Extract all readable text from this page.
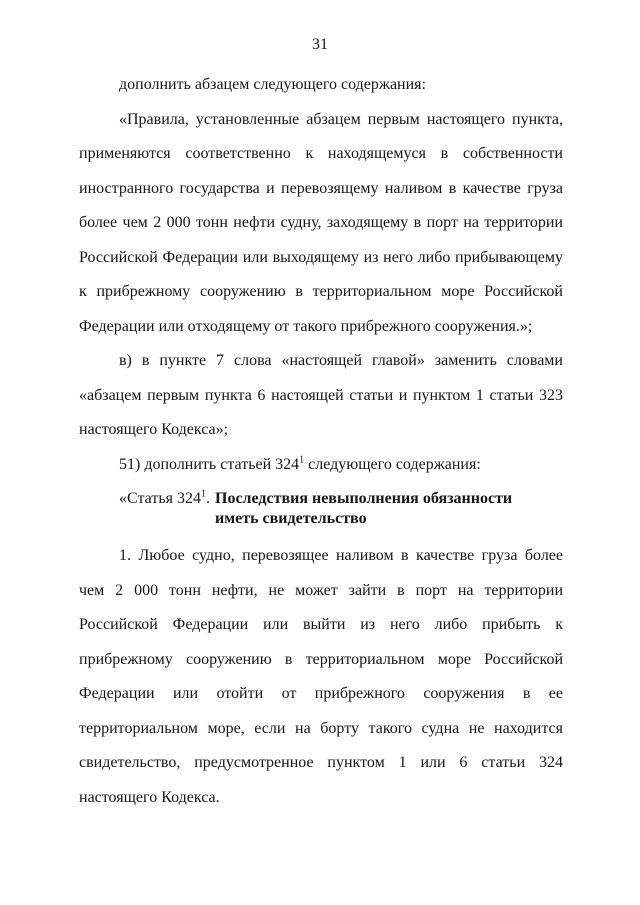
31

дополнить абзацем следующего содержания:

«Правила, установленные абзацем первым настоящего пункта, применяются соответственно к находящемуся в собственности иностранного государства и перевозящему наливом в качестве груза более чем 2 000 тонн нефти судну, заходящему в порт на территории Российской Федерации или выходящему из него либо прибывающему к прибрежному сооружению в территориальном море Российской Федерации или отходящему от такого прибрежного сооружения.»;

в) в пункте 7 слова «настоящей главой» заменить словами «абзацем первым пункта 6 настоящей статьи и пунктом 1 статьи 323 настоящего Кодекса»;

51) дополнить статьей $324^1$ следующего содержания:

«Статья $324^1$. Последствия невыполнения обязанности иметь свидетельство

1. Любое судно, перевозящее наливом в качестве груза более чем 2 000 тонн нефти, не может зайти в порт на территории Российской Федерации или выйти из него либо прибыть к прибрежному сооружению в территориальном море Российской Федерации или отойти от прибрежного сооружения в ее территориальном море, если на борту такого судна не находится свидетельство, предусмотренное пунктом 1 или 6 статьи 324 настоящего Кодекса.
